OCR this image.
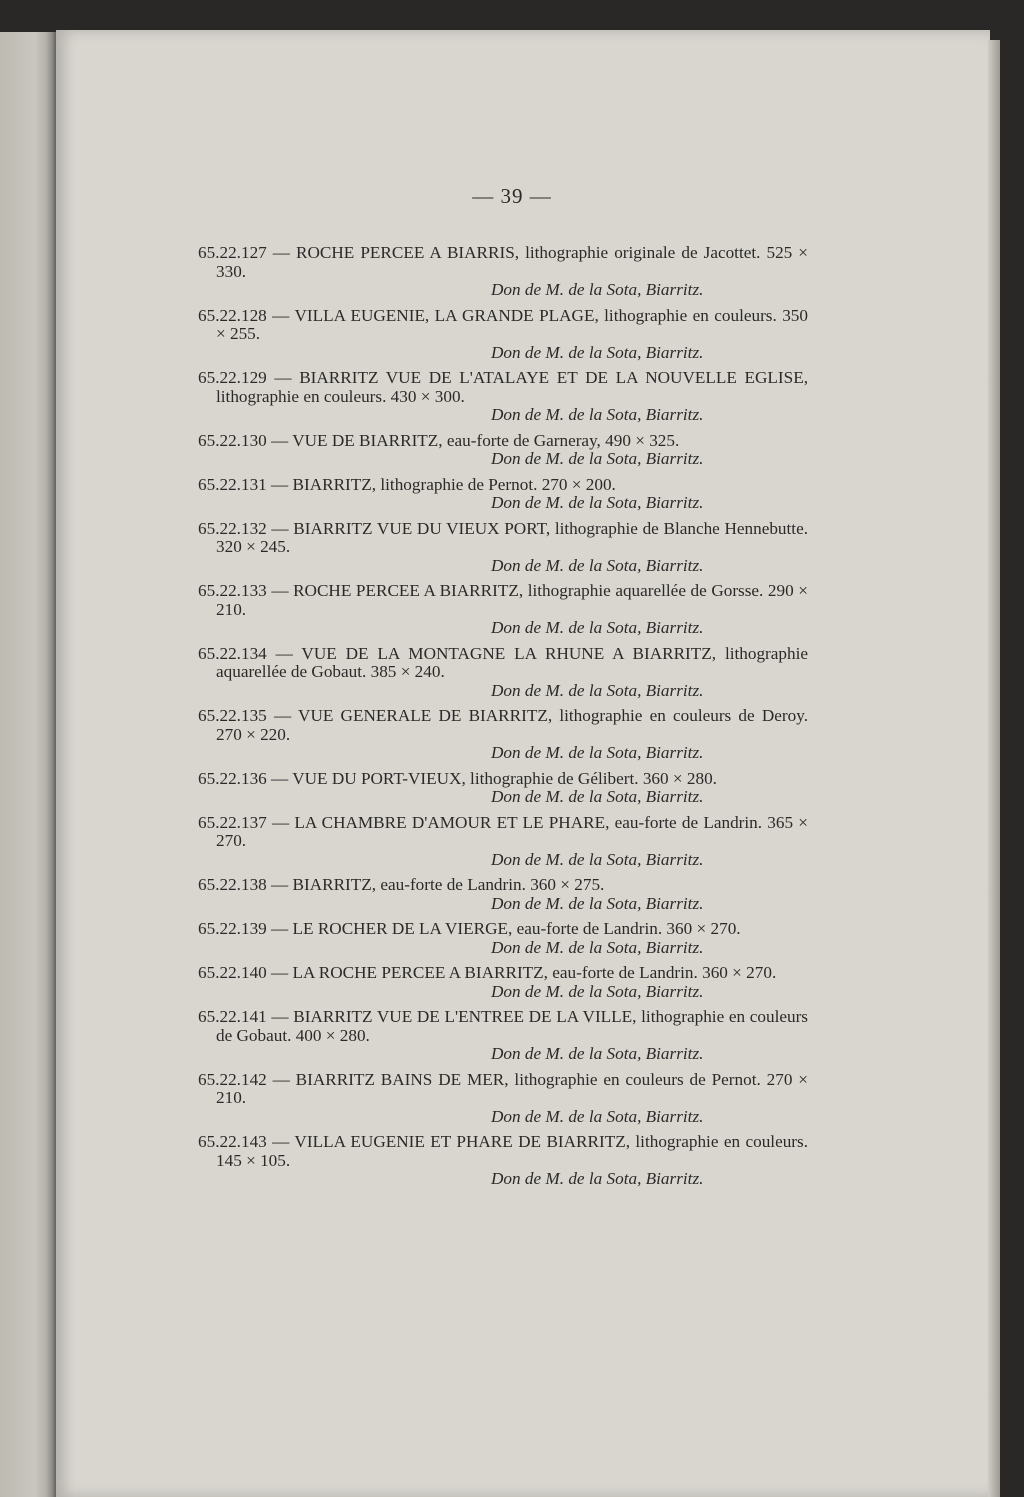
— 39 —
65.22.127 — ROCHE PERCEE A BIARRIS, lithographie originale de Jacottet. 525 × 330.
Don de M. de la Sota, Biarritz.
65.22.128 — VILLA EUGENIE, LA GRANDE PLAGE, lithographie en couleurs. 350 × 255.
Don de M. de la Sota, Biarritz.
65.22.129 — BIARRITZ VUE DE L'ATALAYE ET DE LA NOUVELLE EGLISE, lithographie en couleurs. 430 × 300.
Don de M. de la Sota, Biarritz.
65.22.130 — VUE DE BIARRITZ, eau-forte de Garneray, 490 × 325.
Don de M. de la Sota, Biarritz.
65.22.131 — BIARRITZ, lithographie de Pernot. 270 × 200.
Don de M. de la Sota, Biarritz.
65.22.132 — BIARRITZ VUE DU VIEUX PORT, lithographie de Blanche Hennebutte. 320 × 245.
Don de M. de la Sota, Biarritz.
65.22.133 — ROCHE PERCEE A BIARRITZ, lithographie aquarellée de Gorsse. 290 × 210.
Don de M. de la Sota, Biarritz.
65.22.134 — VUE DE LA MONTAGNE LA RHUNE A BIARRITZ, lithographie aquarellée de Gobaut. 385 × 240.
Don de M. de la Sota, Biarritz.
65.22.135 — VUE GENERALE DE BIARRITZ, lithographie en couleurs de Deroy. 270 × 220.
Don de M. de la Sota, Biarritz.
65.22.136 — VUE DU PORT-VIEUX, lithographie de Gélibert. 360 × 280.
Don de M. de la Sota, Biarritz.
65.22.137 — LA CHAMBRE D'AMOUR ET LE PHARE, eau-forte de Landrin. 365 × 270.
Don de M. de la Sota, Biarritz.
65.22.138 — BIARRITZ, eau-forte de Landrin. 360 × 275.
Don de M. de la Sota, Biarritz.
65.22.139 — LE ROCHER DE LA VIERGE, eau-forte de Landrin. 360 × 270.
Don de M. de la Sota, Biarritz.
65.22.140 — LA ROCHE PERCEE A BIARRITZ, eau-forte de Landrin. 360 × 270.
Don de M. de la Sota, Biarritz.
65.22.141 — BIARRITZ VUE DE L'ENTREE DE LA VILLE, lithographie en couleurs de Gobaut. 400 × 280.
Don de M. de la Sota, Biarritz.
65.22.142 — BIARRITZ BAINS DE MER, lithographie en couleurs de Pernot. 270 × 210.
Don de M. de la Sota, Biarritz.
65.22.143 — VILLA EUGENIE ET PHARE DE BIARRITZ, lithographie en couleurs. 145 × 105.
Don de M. de la Sota, Biarritz.
